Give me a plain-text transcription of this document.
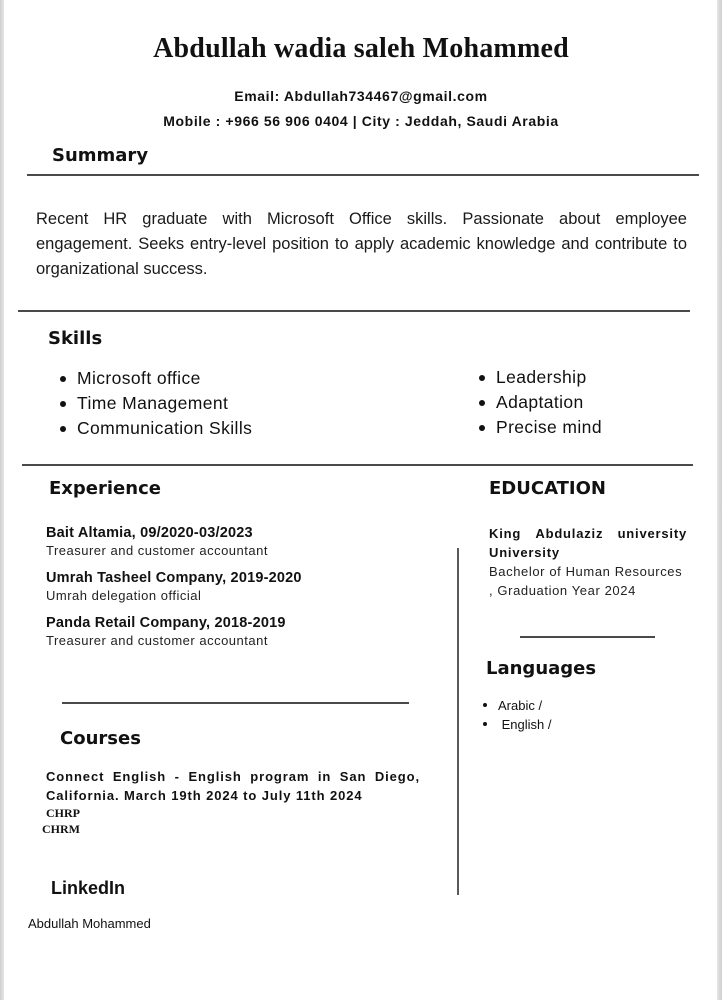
Abdullah wadia saleh Mohammed
Email: Abdullah734467@gmail.com
Mobile : +966 56 906 0404 | City : Jeddah, Saudi Arabia
Summary
Recent HR graduate with Microsoft Office skills. Passionate about employee engagement. Seeks entry-level position to apply academic knowledge and contribute to organizational success.
Skills
Microsoft office
Time Management
Communication Skills
Leadership
Adaptation
Precise mind
Experience
Bait Altamia, 09/2020-03/2023
Treasurer and customer accountant
Umrah Tasheel Company, 2019-2020
Umrah delegation official
Panda Retail Company, 2018-2019
Treasurer and customer accountant
EDUCATION
King Abdulaziz university
University
Bachelor of Human Resources
, Graduation Year 2024
Languages
Arabic /
English /
Courses
Connect English - English program in San Diego, California. March 19th 2024 to July 11th 2024
CHRP
CHRM
LinkedIn
Abdullah Mohammed
